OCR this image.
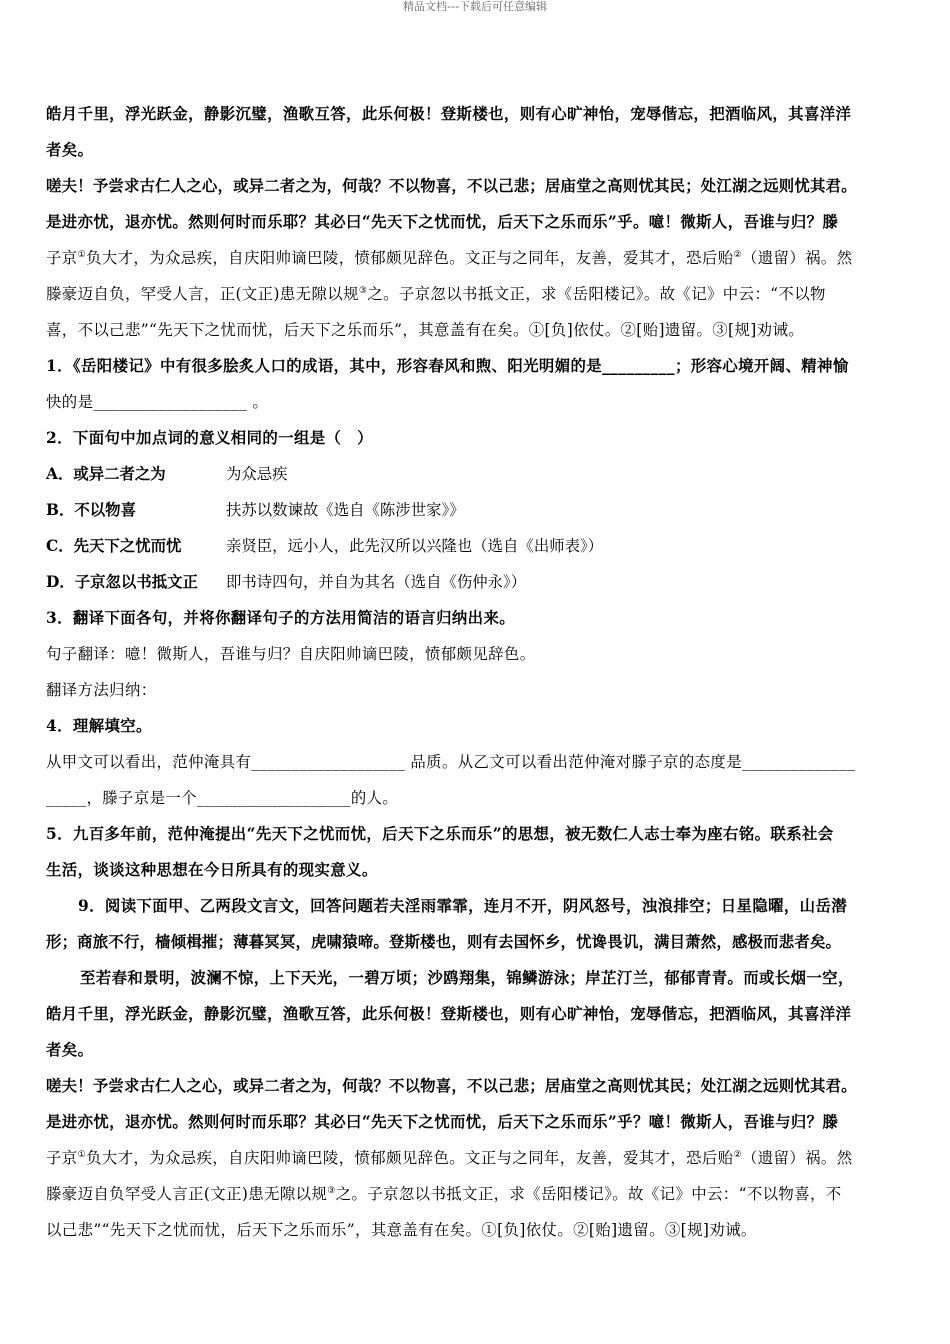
精品文档---下载后可任意编辑
皓月千里，浮光跃金，静影沉璧，渔歌互答，此乐何极！登斯楼也，则有心旷神怡，宠辱偕忘，把酒临风，其喜洋洋
者矣。
嗟夫！予尝求古仁人之心，或异二者之为，何哉？不以物喜，不以己悲；居庙堂之高则忧其民；处江湖之远则忧其君。
是进亦忧，退亦忧。然则何时而乐耶？其必曰“先天下之忧而忧，后天下之乐而乐”乎。噫！微斯人，吾谁与归？滕
子京①负大才，为众忌疾，自庆阳帅谪巴陵，愤郁颇见辞色。文正与之同年，友善，爱其才，恐后贻②（遗留）祸。然
滕豪迈自负，罕受人言，正(文正)患无隙以规③之。子京忽以书抵文正，求《岳阳楼记》。故《记》中云：“不以物
喜，不以己悲”“先天下之忧而忧，后天下之乐而乐”，其意盖有在矣。①[负]依仗。②[贻]遗留。③[规]劝诫。
1．《岳阳楼记》中有很多脍炙人口的成语，其中，形容春风和煦、阳光明媚的是_________；形容心境开阔、精神愉
快的是___________________ 。
2．下面句中加点词的意义相同的一组是（　）
A．或异二者之为	为众忌疾
B．不以物喜	扶苏以数谏故《选自《陈涉世家》》
C．先天下之忧而忧	亲贤臣，远小人，此先汉所以兴隆也（选自《出师表》）
D．子京忽以书抵文正	即书诗四句，并自为其名（选自《伤仲永》）
3．翻译下面各句，并将你翻译句子的方法用简洁的语言归纳出来。
句子翻译：噫！微斯人，吾谁与归？自庆阳帅谪巴陵，愤郁颇见辞色。
翻译方法归纳：
4．理解填空。
从甲文可以看出，范仲淹具有___________________ 品质。从乙文可以看出范仲淹对滕子京的态度是______________
_____，滕子京是一个___________________的人。
5．九百多年前，范仲淹提出“先天下之忧而忧，后天下之乐而乐”的思想，被无数仁人志士奉为座右铭。联系社会
生活，谈谈这种思想在今日所具有的现实意义。
9．阅读下面甲、乙两段文言文，回答问题若夫淫雨霏霏，连月不开，阴风怒号，浊浪排空；日星隐曜，山岳潜
形；商旅不行，樯倾楫摧；薄暮冥冥，虎啸猿啼。登斯楼也，则有去国怀乡，忧谗畏讥，满目萧然，感极而悲者矣。
至若春和景明，波澜不惊，上下天光，一碧万顷；沙鸥翔集，锦鳞游泳；岸芷汀兰，郁郁青青。而或长烟一空，
皓月千里，浮光跃金，静影沉璧，渔歌互答，此乐何极！登斯楼也，则有心旷神怡，宠辱偕忘，把酒临风，其喜洋洋
者矣。
嗟夫！予尝求古仁人之心，或异二者之为，何哉？不以物喜，不以己悲；居庙堂之高则忧其民；处江湖之远则忧其君。
是进亦忧，退亦忧。然则何时而乐耶？其必曰“先天下之忧而忧，后天下之乐而乐”乎？噫！微斯人，吾谁与归？滕
子京①负大才，为众忌疾，自庆阳帅谪巴陵，愤郁颇见辞色。文正与之同年，友善，爱其才，恐后贻②（遗留）祸。然
滕豪迈自负罕受人言正(文正)患无隙以规③之。子京忽以书抵文正，求《岳阳楼记》。故《记》中云：“不以物喜，不
以己悲”“先天下之忧而忧，后天下之乐而乐”，其意盖有在矣。①[负]依仗。②[贻]遗留。③[规]劝诫。
